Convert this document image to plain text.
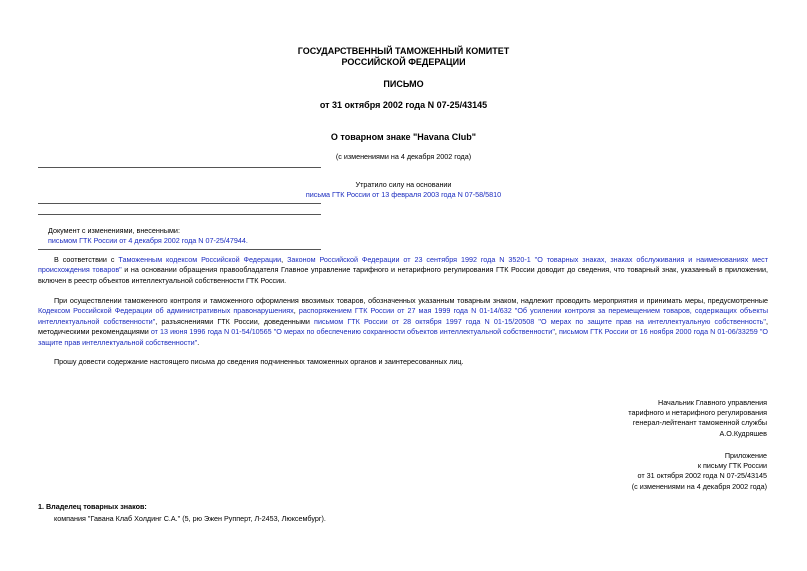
ГОСУДАРСТВЕННЫЙ ТАМОЖЕННЫЙ КОМИТЕТ
РОССИЙСКОЙ ФЕДЕРАЦИИ
ПИСЬМО
от 31 октября 2002 года N 07-25/43145
О товарном знаке "Havana Club"
(с изменениями на 4 декабря 2002 года)
Утратило силу на основании
письма ГТК России от 13 февраля 2003 года N 07-58/5810
Документ с изменениями, внесенными:
письмом ГТК России от 4 декабря 2002 года N 07-25/47944.
В соответствии с Таможенным кодексом Российской Федерации, Законом Российской Федерации от 23 сентября 1992 года N 3520-1 "О товарных знаках, знаках обслуживания и наименованиях мест происхождения товаров" и на основании обращения правообладателя Главное управление тарифного и нетарифного регулирования ГТК России доводит до сведения, что товарный знак, указанный в приложении, включен в реестр объектов интеллектуальной собственности ГТК России.
При осуществлении таможенного контроля и таможенного оформления ввозимых товаров, обозначенных указанным товарным знаком, надлежит проводить мероприятия и принимать меры, предусмотренные Кодексом Российской Федерации об административных правонарушениях, распоряжением ГТК России от 27 мая 1999 года N 01-14/632 "Об усилении контроля за перемещением товаров, содержащих объекты интеллектуальной собственности", разъяснениями ГТК России, доведенными письмом ГТК России от 28 октября 1997 года N 01-15/20508 "О мерах по защите прав на интеллектуальную собственность", методическими рекомендациями от 13 июня 1996 года N 01-54/10565 "О мерах по обеспечению сохранности объектов интеллектуальной собственности", письмом ГТК России от 16 ноября 2000 года N 01-06/33259 "О защите прав интеллектуальной собственности".
Прошу довести содержание настоящего письма до сведения подчиненных таможенных органов и заинтересованных лиц.
Начальник Главного управления
тарифного и нетарифного регулирования
генерал-лейтенант таможенной службы
А.О.Кудряшев
Приложение
к письму ГТК России
от 31 октября 2002 года N 07-25/43145
(с изменениями на 4 декабря 2002 года)
1. Владелец товарных знаков:
компания "Гавана Клаб Холдинг С.А." (5, рю Эжен Рупперт, Л-2453, Люксембург).
